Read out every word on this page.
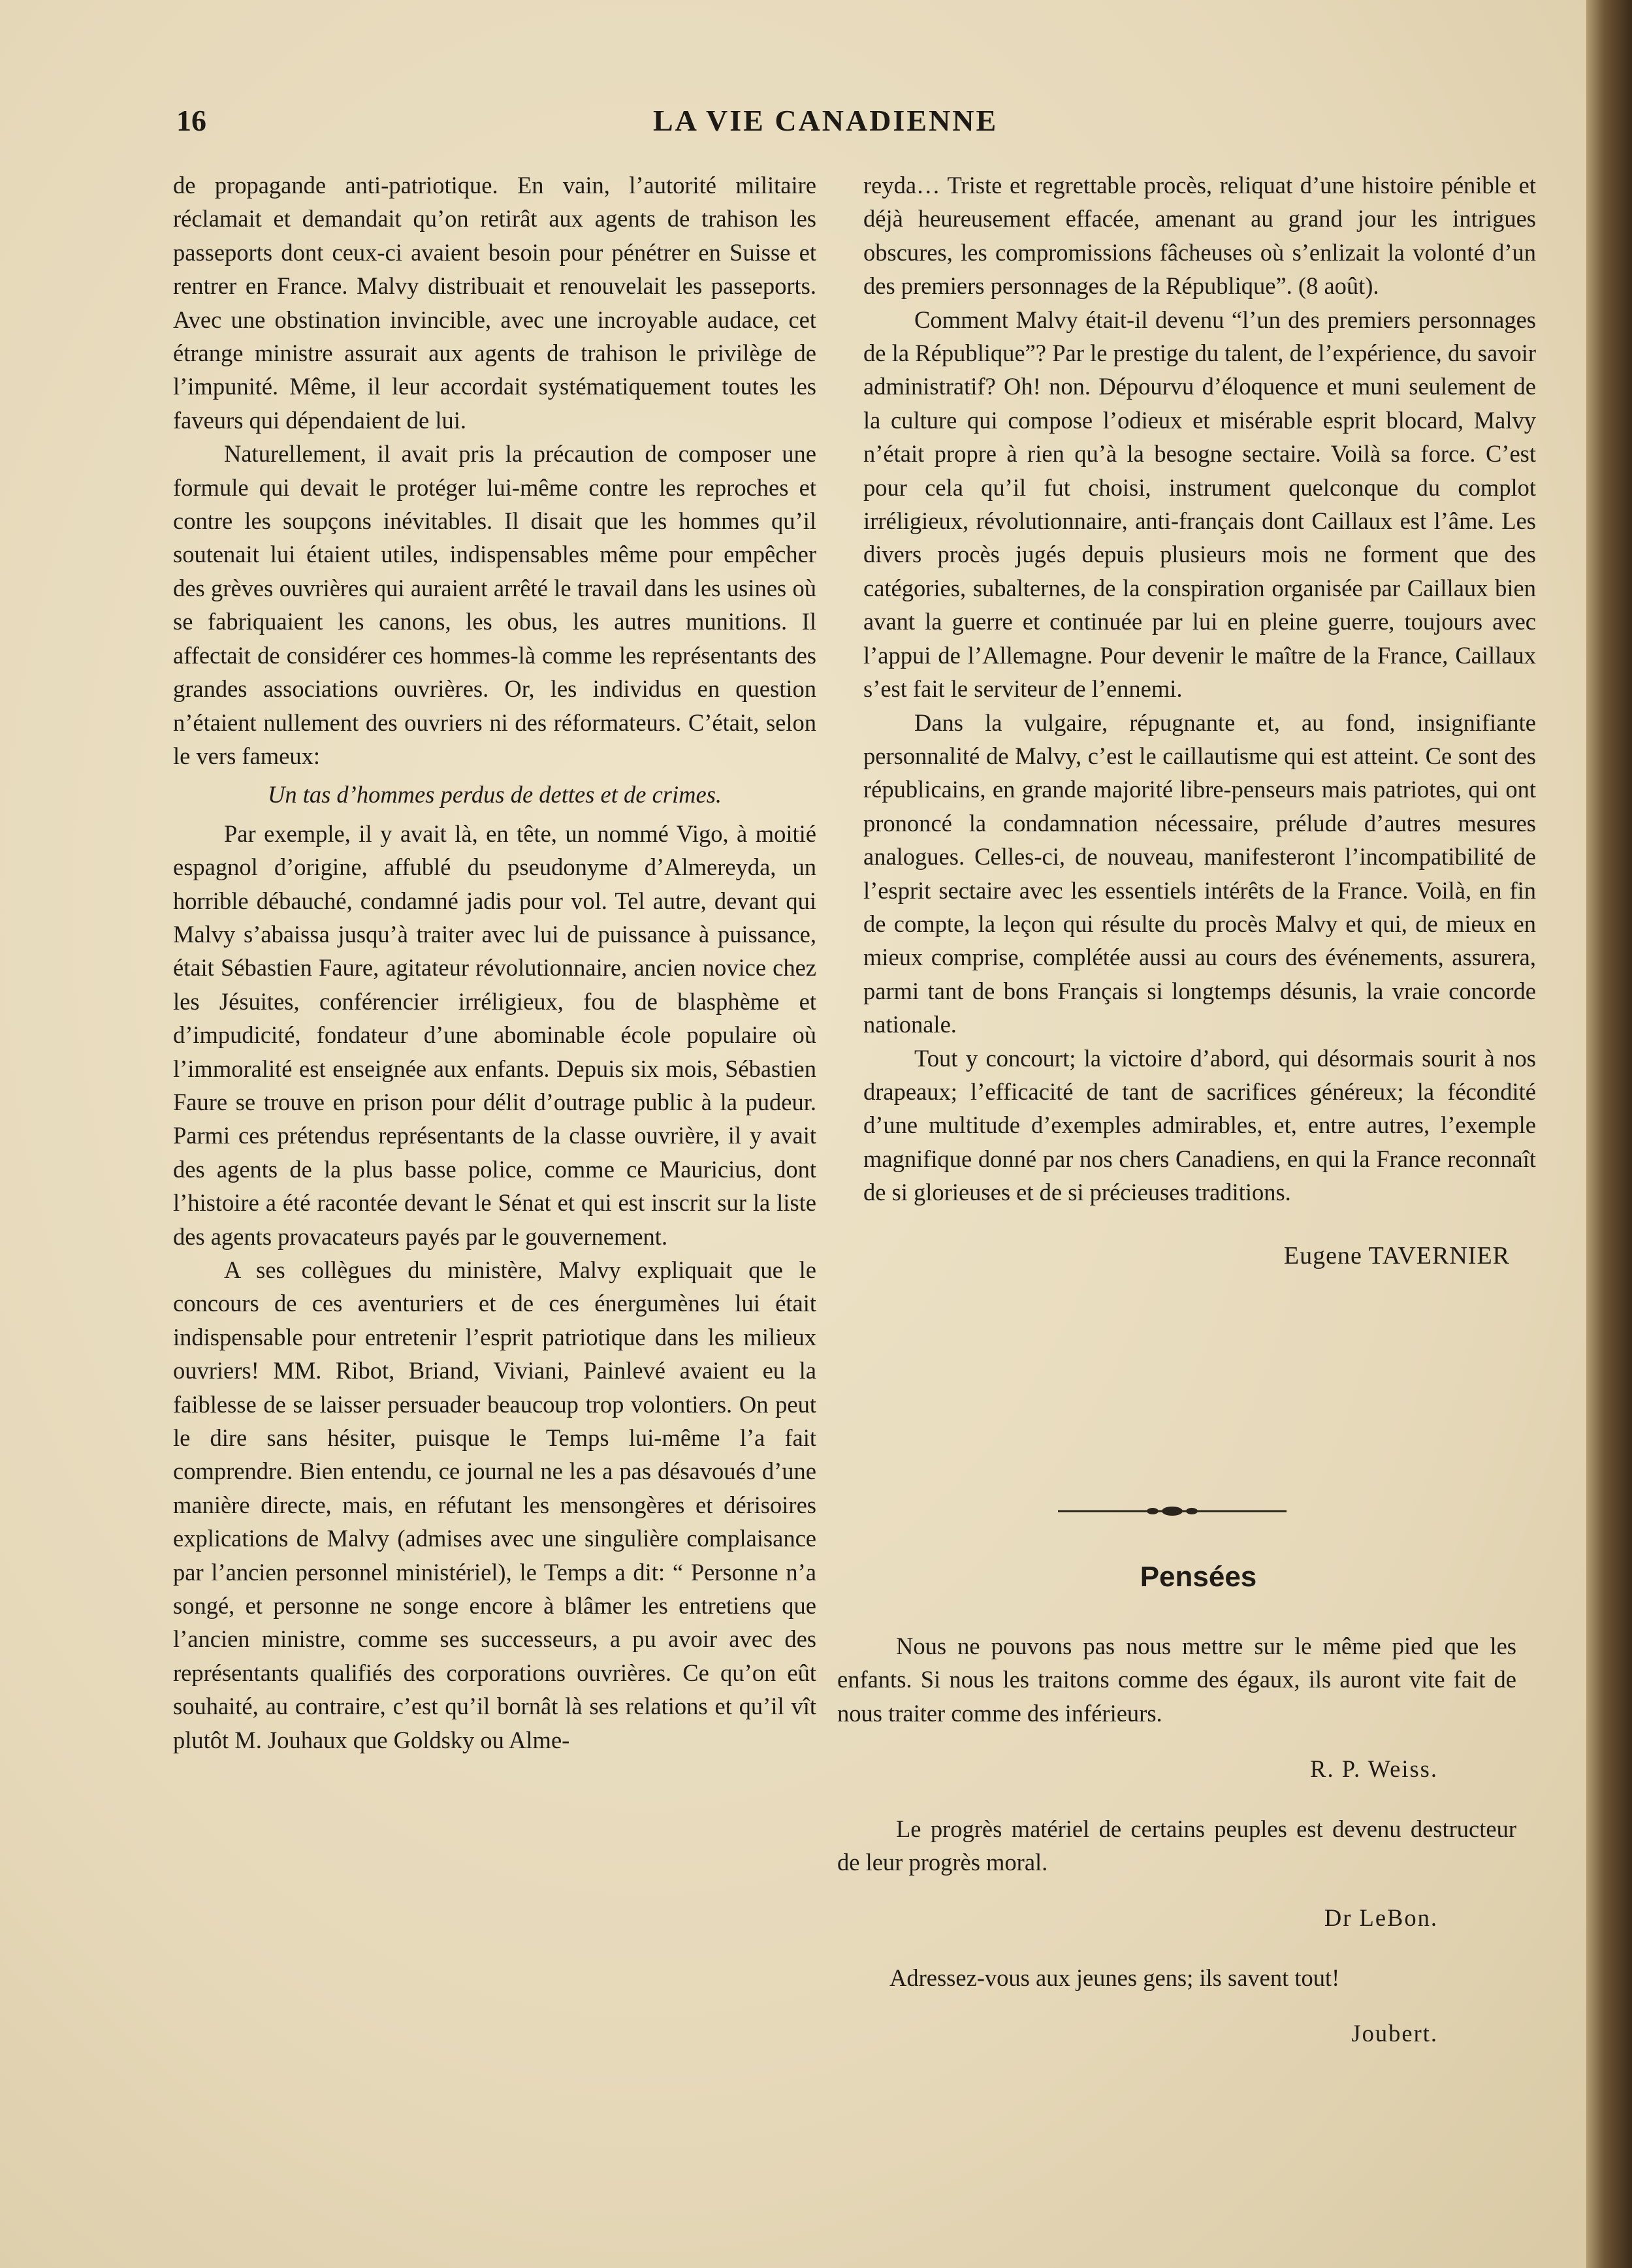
16	LA VIE CANADIENNE

de propagande anti-patriotique. En vain, l’autorité militaire réclamait et demandait qu’on retirât aux agents de trahison les passeports dont ceux-ci avaient besoin pour pénétrer en Suisse et rentrer en France. Malvy distribuait et renouvelait les passeports. Avec une obstination invincible, avec une incroyable audace, cet étrange ministre assurait aux agents de trahison le privilège de l’impunité. Même, il leur accordait systématiquement toutes les faveurs qui dépendaient de lui.

Naturellement, il avait pris la précaution de composer une formule qui devait le protéger lui-même contre les reproches et contre les soupçons inévitables. Il disait que les hommes qu’il soutenait lui étaient utiles, indispensables même pour empêcher des grèves ouvrières qui auraient arrêté le travail dans les usines où se fabriquaient les canons, les obus, les autres munitions. Il affectait de considérer ces hommes-là comme les représentants des grandes associations ouvrières. Or, les individus en question n’étaient nullement des ouvriers ni des réformateurs. C’était, selon le vers fameux:

Un tas d’hommes perdus de dettes et de crimes.

Par exemple, il y avait là, en tête, un nommé Vigo, à moitié espagnol d’origine, affublé du pseudonyme d’Almereyda, un horrible débauché, condamné jadis pour vol. Tel autre, devant qui Malvy s’abaissa jusqu’à traiter avec lui de puissance à puissance, était Sébastien Faure, agitateur révolutionnaire, ancien novice chez les Jésuites, conférencier irréligieux, fou de blasphème et d’impudicité, fondateur d’une abominable école populaire où l’immoralité est enseignée aux enfants. Depuis six mois, Sébastien Faure se trouve en prison pour délit d’outrage public à la pudeur. Parmi ces prétendus représentants de la classe ouvrière, il y avait des agents de la plus basse police, comme ce Mauricius, dont l’histoire a été racontée devant le Sénat et qui est inscrit sur la liste des agents provacateurs payés par le gouvernement.

A ses collègues du ministère, Malvy expliquait que le concours de ces aventuriers et de ces énergumènes lui était indispensable pour entretenir l’esprit patriotique dans les milieux ouvriers! MM. Ribot, Briand, Viviani, Painlevé avaient eu la faiblesse de se laisser persuader beaucoup trop volontiers. On peut le dire sans hésiter, puisque le Temps lui-même l’a fait comprendre. Bien entendu, ce journal ne les a pas désavoués d’une manière directe, mais, en réfutant les mensongères et dérisoires explications de Malvy (admises avec une singulière complaisance par l’ancien personnel ministériel), le Temps a dit: “ Personne n’a songé, et personne ne songe encore à blâmer les entretiens que l’ancien ministre, comme ses successeurs, a pu avoir avec des représentants qualifiés des corporations ouvrières. Ce qu’on eût souhaité, au contraire, c’est qu’il bornât là ses relations et qu’il vît plutôt M. Jouhaux que Goldsky ou Alme-

reyda… Triste et regrettable procès, reliquat d’une histoire pénible et déjà heureusement effacée, amenant au grand jour les intrigues obscures, les compromissions fâcheuses où s’enlizait la volonté d’un des premiers personnages de la République”. (8 août).

Comment Malvy était-il devenu “l’un des premiers personnages de la République”? Par le prestige du talent, de l’expérience, du savoir administratif? Oh! non. Dépourvu d’éloquence et muni seulement de la culture qui compose l’odieux et misérable esprit blocard, Malvy n’était propre à rien qu’à la besogne sectaire. Voilà sa force. C’est pour cela qu’il fut choisi, instrument quelconque du complot irréligieux, révolutionnaire, anti-français dont Caillaux est l’âme. Les divers procès jugés depuis plusieurs mois ne forment que des catégories, subalternes, de la conspiration organisée par Caillaux bien avant la guerre et continuée par lui en pleine guerre, toujours avec l’appui de l’Allemagne. Pour devenir le maître de la France, Caillaux s’est fait le serviteur de l’ennemi.

Dans la vulgaire, répugnante et, au fond, insignifiante personnalité de Malvy, c’est le caillautisme qui est atteint. Ce sont des républicains, en grande majorité libre-penseurs mais patriotes, qui ont prononcé la condamnation nécessaire, prélude d’autres mesures analogues. Celles-ci, de nouveau, manifesteront l’incompatibilité de l’esprit sectaire avec les essentiels intérêts de la France. Voilà, en fin de compte, la leçon qui résulte du procès Malvy et qui, de mieux en mieux comprise, complétée aussi au cours des événements, assurera, parmi tant de bons Français si longtemps désunis, la vraie concorde nationale.

Tout y concourt; la victoire d’abord, qui désormais sourit à nos drapeaux; l’efficacité de tant de sacrifices généreux; la fécondité d’une multitude d’exemples admirables, et, entre autres, l’exemple magnifique donné par nos chers Canadiens, en qui la France reconnaît de si glorieuses et de si précieuses traditions.

Eugene TAVERNIER

Pensées

Nous ne pouvons pas nous mettre sur le même pied que les enfants. Si nous les traitons comme des égaux, ils auront vite fait de nous traiter comme des inférieurs.

R. P. Weiss.

Le progrès matériel de certains peuples est devenu destructeur de leur progrès moral.

Dr LeBon.

Adressez-vous aux jeunes gens; ils savent tout!

Joubert.
